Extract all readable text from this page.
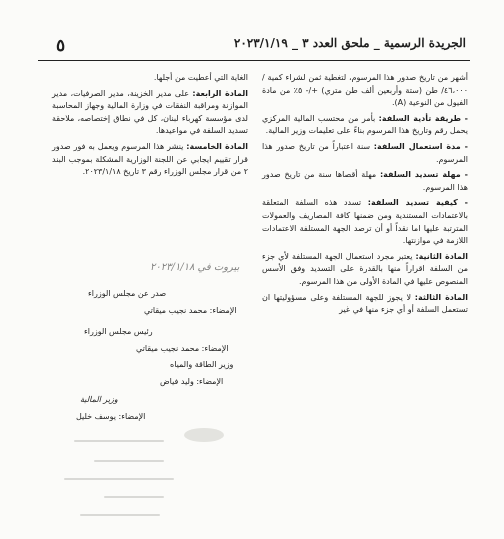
٥	الجريدة الرسمية _ ملحق العدد ٣ _ ٢٠٢٣/١/١٩

أشهر من تاريخ صدور هذا المرسوم، لتغطية ثمن لشراء كمية /٤٦،٠٠٠/ طن (ستة وأربعين ألف طن متري) +/- ٥٪ من مادة الفيول من النوعية (A).

- طريقة تأدية السلفة: بأمر من محتسب المالية المركزي يحمل رقم وتاريخ هذا المرسوم بناءً على تعليمات وزير المالية.

- مدة استعمال السلفة: سنة اعتباراً من تاريخ صدور هذا المرسوم.

- مهلة تسديد السلفة: مهلة أقصاها سنة من تاريخ صدور هذا المرسوم.

- كيفية تسديد السلفة: تسدد هذه السلفة المتعلقة بالاعتمادات المستندية ومن ضمنها كافة المصاريف والعمولات المترتبة عليها اما نقداً أو أن ترصد الجهة المستلفة الاعتمادات اللازمة في موازنتها.

المادة الثانية: يعتبر مجرد استعمال الجهة المستلفة لأي جزء من السلفة اقراراً منها بالقدرة على التسديد وفق الأسس المنصوص عليها في المادة الأولى من هذا المرسوم.

المادة الثالثة: لا يجوز للجهة المستلفة وعلى مسؤوليتها ان تستعمل السلفة أو أي جزء منها في غير

الغاية التي أعطيت من أجلها.

المادة الرابعة: على مدير الخزينة، مدير الصرفيات، مدير الموازنة ومراقبة النفقات في وزارة المالية وجهاز المحاسبة لدى مؤسسة كهرباء لبنان، كل في نطاق إختصاصه، ملاحقة تسديد السلفة في مواعيدها.

المادة الخامسة: ينشر هذا المرسوم ويعمل به فور صدور قرار تقييم ايجابي عن اللجنة الوزارية المشكلة بموجب البند ٢ من قرار مجلس الوزراء رقم ٣ تاريخ ٢٠٢٣/١/١٨.

بيروت في ٢٠٢٣/١/١٨
صدر عن مجلس الوزراء
الإمضاء: محمد نجيب ميقاتي
رئيس مجلس الوزراء
الإمضاء: محمد نجيب ميقاتي
وزير الطاقة والمياه
الإمضاء: وليد فياض
وزير المالية
الإمضاء: يوسف خليل
